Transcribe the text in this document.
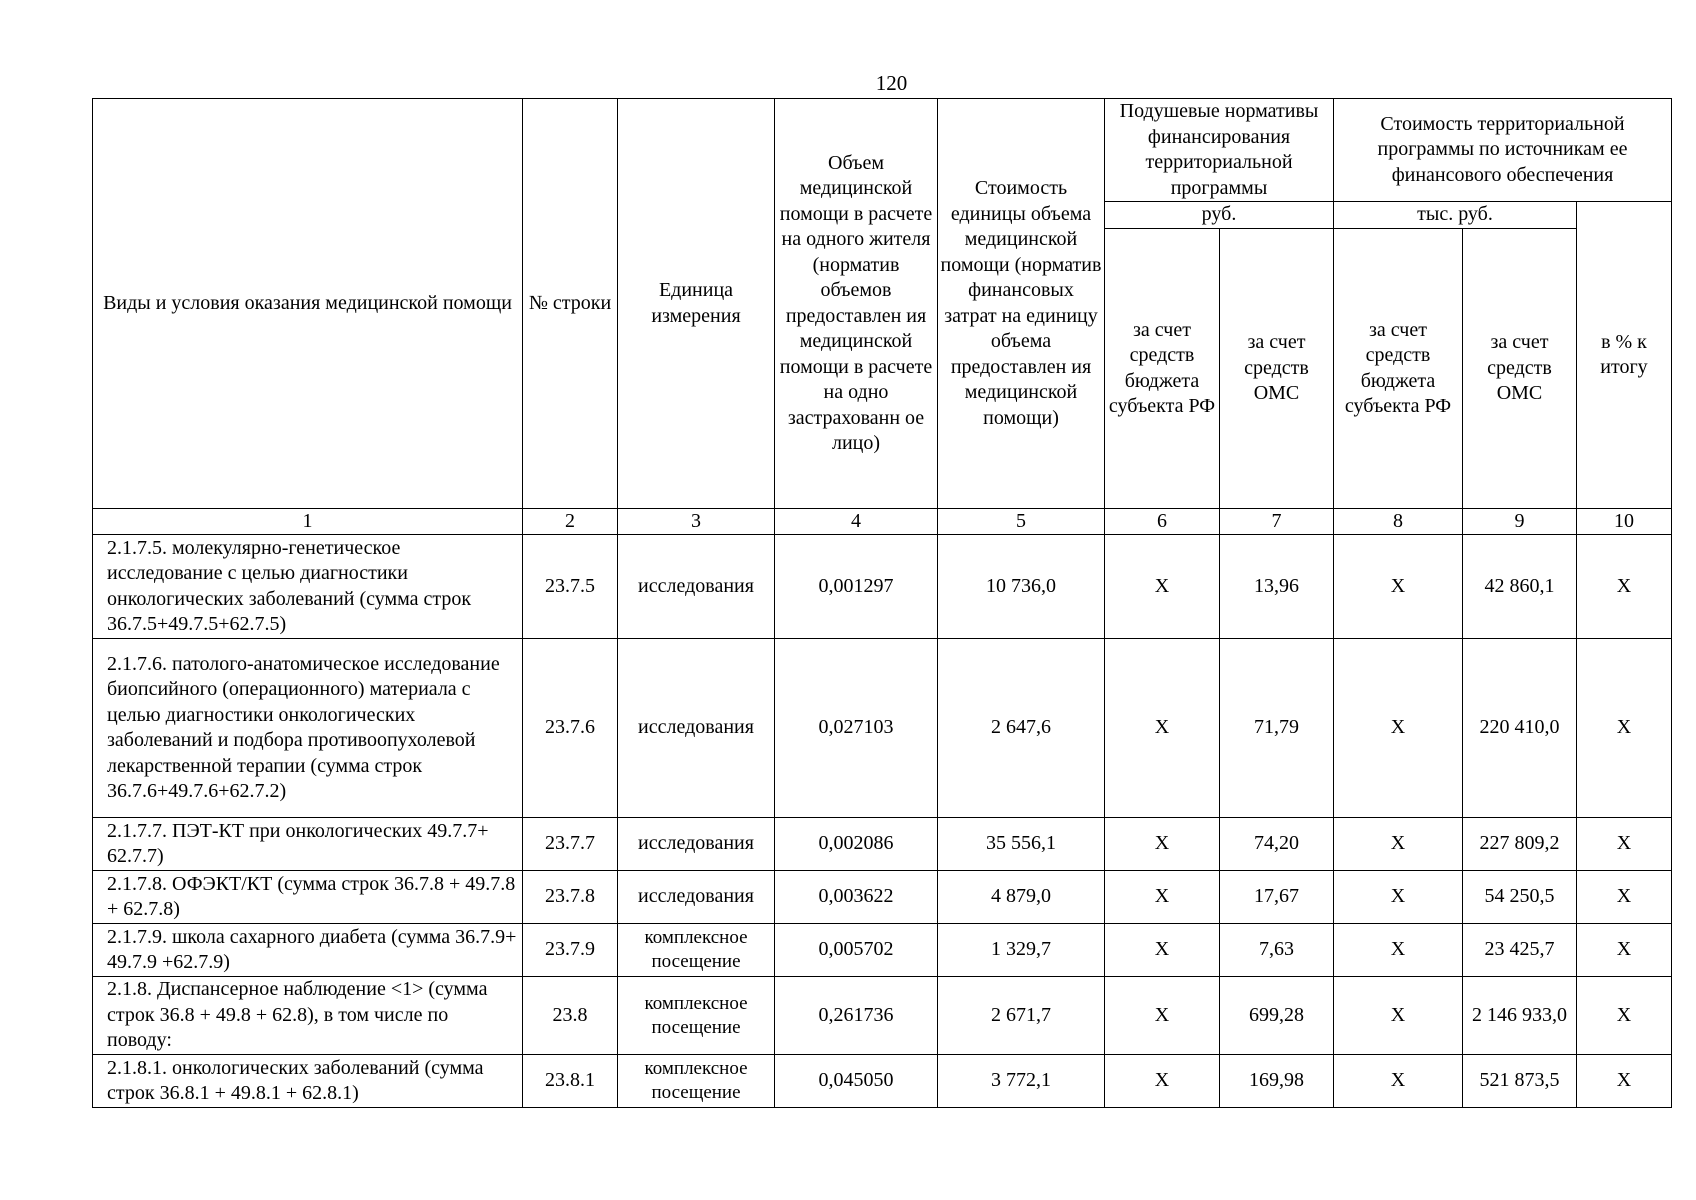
120
Виды и условия оказания медицинской помощи	№ строки	Единица измерения	Объем медицинской помощи в расчете на одного жителя (норматив объемов предоставлен ия медицинской помощи в расчете на одно застрахованн ое лицо)	Стоимость единицы объема медицинской помощи (норматив финансовых затрат на единицу объема предоставлен ия медицинской помощи)	Подушевые нормативы финансирования территориальной программы		Стоимость территориальной программы по источникам ее финансового обеспечения		
					руб.		тыс. руб.		в % к итогу
					за счет средств бюджета субъекта РФ	за счет средств ОМС	за счет средств бюджета субъекта РФ	за счет средств ОМС	
1	2	3	4	5	6	7	8	9	10
2.1.7.5. молекулярно-генетическое исследование с целью диагностики онкологических заболеваний (сумма строк 36.7.5+49.7.5+62.7.5)	23.7.5	исследования	0,001297	10 736,0	X	13,96	X	42 860,1	X
2.1.7.6. патолого-анатомическое исследование биопсийного (операционного) материала с целью диагностики онкологических заболеваний и подбора противоопухолевой лекарственной терапии (сумма строк 36.7.6+49.7.6+62.7.2)	23.7.6	исследования	0,027103	2 647,6	X	71,79	X	220 410,0	X
2.1.7.7. ПЭТ-КТ при онкологических 49.7.7+ 62.7.7)	23.7.7	исследования	0,002086	35 556,1	X	74,20	X	227 809,2	X
2.1.7.8. ОФЭКТ/КТ (сумма строк 36.7.8 + 49.7.8 + 62.7.8)	23.7.8	исследования	0,003622	4 879,0	X	17,67	X	54 250,5	X
2.1.7.9. школа сахарного диабета (сумма 36.7.9+ 49.7.9 +62.7.9)	23.7.9	комплексное посещение	0,005702	1 329,7	X	7,63	X	23 425,7	X
2.1.8. Диспансерное наблюдение <1> (сумма строк 36.8 + 49.8 + 62.8), в том числе по поводу:	23.8	комплексное посещение	0,261736	2 671,7	X	699,28	X	2 146 933,0	X
2.1.8.1. онкологических заболеваний (сумма строк 36.8.1 + 49.8.1 + 62.8.1)	23.8.1	комплексное посещение	0,045050	3 772,1	X	169,98	X	521 873,5	X
